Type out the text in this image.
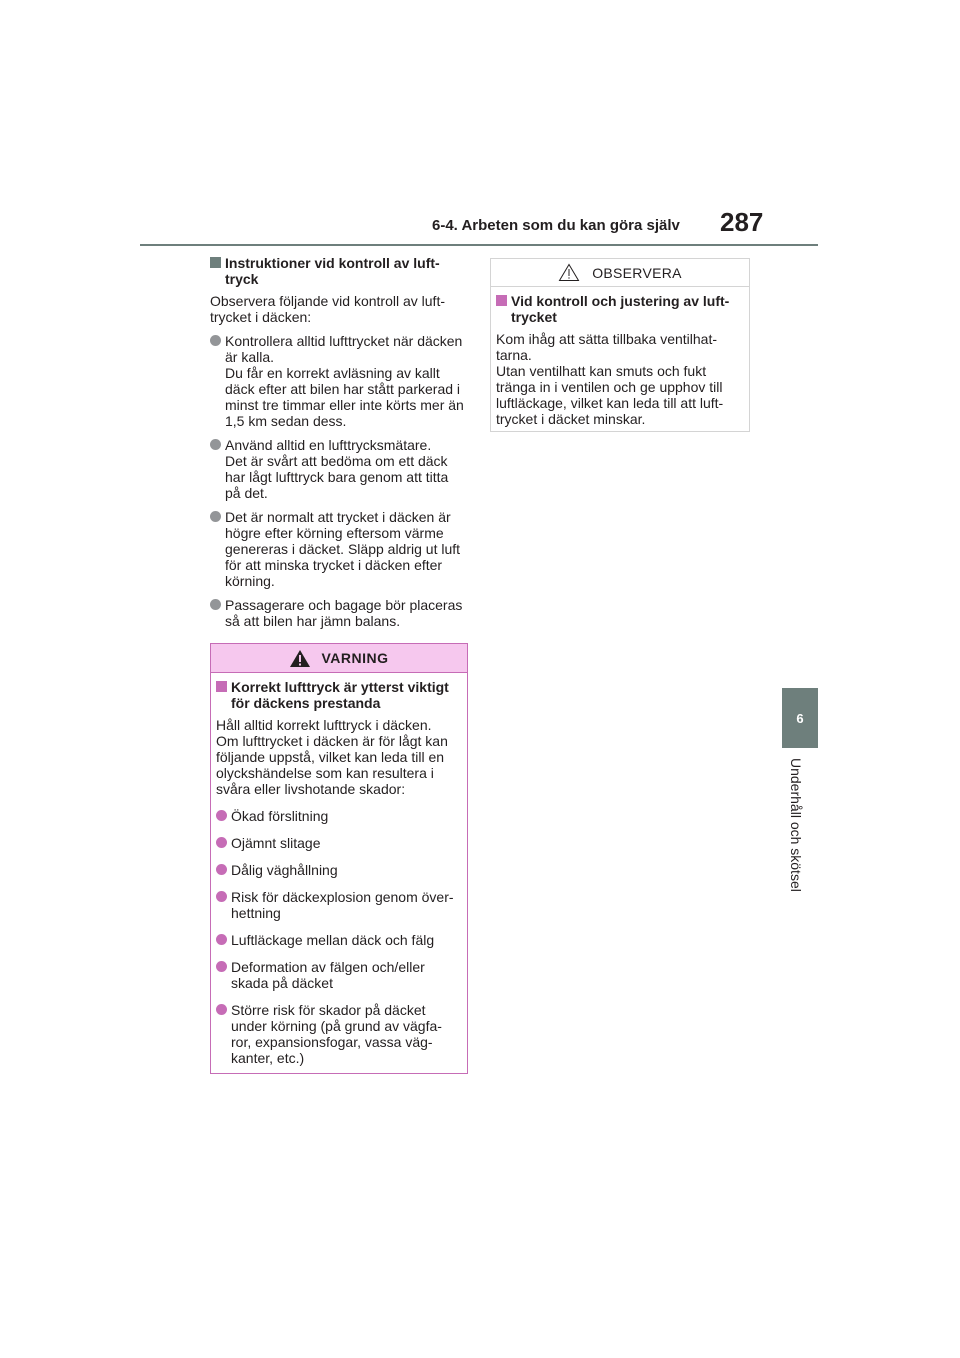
6-4. Arbeten som du kan göra själv	287
6
Underhåll och skötsel
Instruktioner vid kontroll av luft-
tryck
Observera följande vid kontroll av luft-
trycket i däcken:
Kontrollera alltid lufttrycket när däcken
är kalla.
Du får en korrekt avläsning av kallt
däck efter att bilen har stått parkerad i
minst tre timmar eller inte körts mer än
1,5 km sedan dess.
Använd alltid en lufttrycksmätare.
Det är svårt att bedöma om ett däck
har lågt lufttryck bara genom att titta
på det.
Det är normalt att trycket i däcken är
högre efter körning eftersom värme
genereras i däcket. Släpp aldrig ut luft
för att minska trycket i däcken efter
körning.
Passagerare och bagage bör placeras
så att bilen har jämn balans.
VARNING
Korrekt lufttryck är ytterst viktigt
för däckens prestanda
Håll alltid korrekt lufttryck i däcken.
Om lufttrycket i däcken är för lågt kan
följande uppstå, vilket kan leda till en
olyckshändelse som kan resultera i
svåra eller livshotande skador:
Ökad förslitning
Ojämnt slitage
Dålig väghållning
Risk för däckexplosion genom över-
hettning
Luftläckage mellan däck och fälg
Deformation av fälgen och/eller
skada på däcket
Större risk för skador på däcket
under körning (på grund av vägfa-
ror, expansionsfogar, vassa väg-
kanter, etc.)
OBSERVERA
Vid kontroll och justering av luft-
trycket
Kom ihåg att sätta tillbaka ventilhat-
tarna.
Utan ventilhatt kan smuts och fukt
tränga in i ventilen och ge upphov till
luftläckage, vilket kan leda till att luft-
trycket i däcket minskar.
